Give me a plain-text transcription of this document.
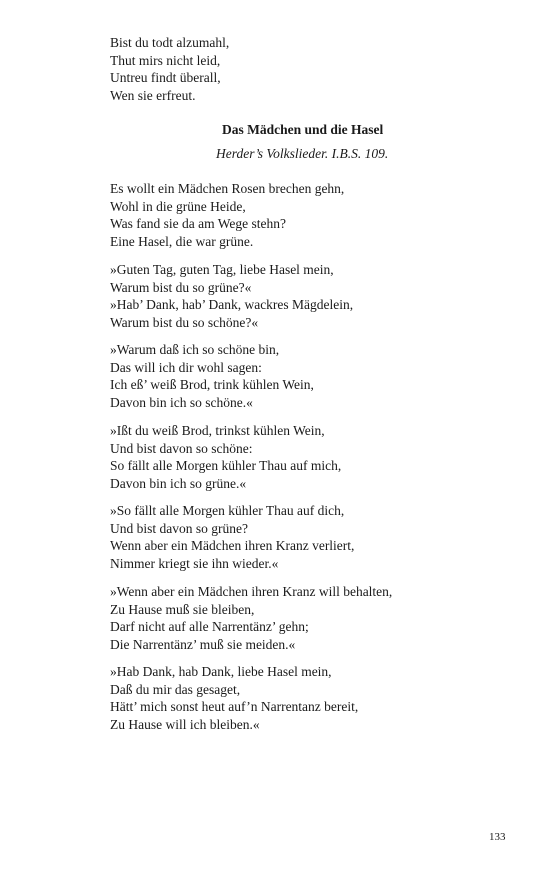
Bist du todt alzumahl,
Thut mirs nicht leid,
Untreu findt überall,
Wen sie erfreut.
Das Mädchen und die Hasel
Herder’s Volkslieder. I.B.S. 109.
Es wollt ein Mädchen Rosen brechen gehn,
Wohl in die grüne Heide,
Was fand sie da am Wege stehn?
Eine Hasel, die war grüne.
»Guten Tag, guten Tag, liebe Hasel mein,
Warum bist du so grüne?«
»Hab’ Dank, hab’ Dank, wackres Mägdelein,
Warum bist du so schöne?«
»Warum daß ich so schöne bin,
Das will ich dir wohl sagen:
Ich eß’ weiß Brod, trink kühlen Wein,
Davon bin ich so schöne.«
»Ißt du weiß Brod, trinkst kühlen Wein,
Und bist davon so schöne:
So fällt alle Morgen kühler Thau auf mich,
Davon bin ich so grüne.«
»So fällt alle Morgen kühler Thau auf dich,
Und bist davon so grüne?
Wenn aber ein Mädchen ihren Kranz verliert,
Nimmer kriegt sie ihn wieder.«
»Wenn aber ein Mädchen ihren Kranz will behalten,
Zu Hause muß sie bleiben,
Darf nicht auf alle Narrentänz’ gehn;
Die Narrentänz’ muß sie meiden.«
»Hab Dank, hab Dank, liebe Hasel mein,
Daß du mir das gesaget,
Hätt’ mich sonst heut auf’n Narrentanz bereit,
Zu Hause will ich bleiben.«
133
